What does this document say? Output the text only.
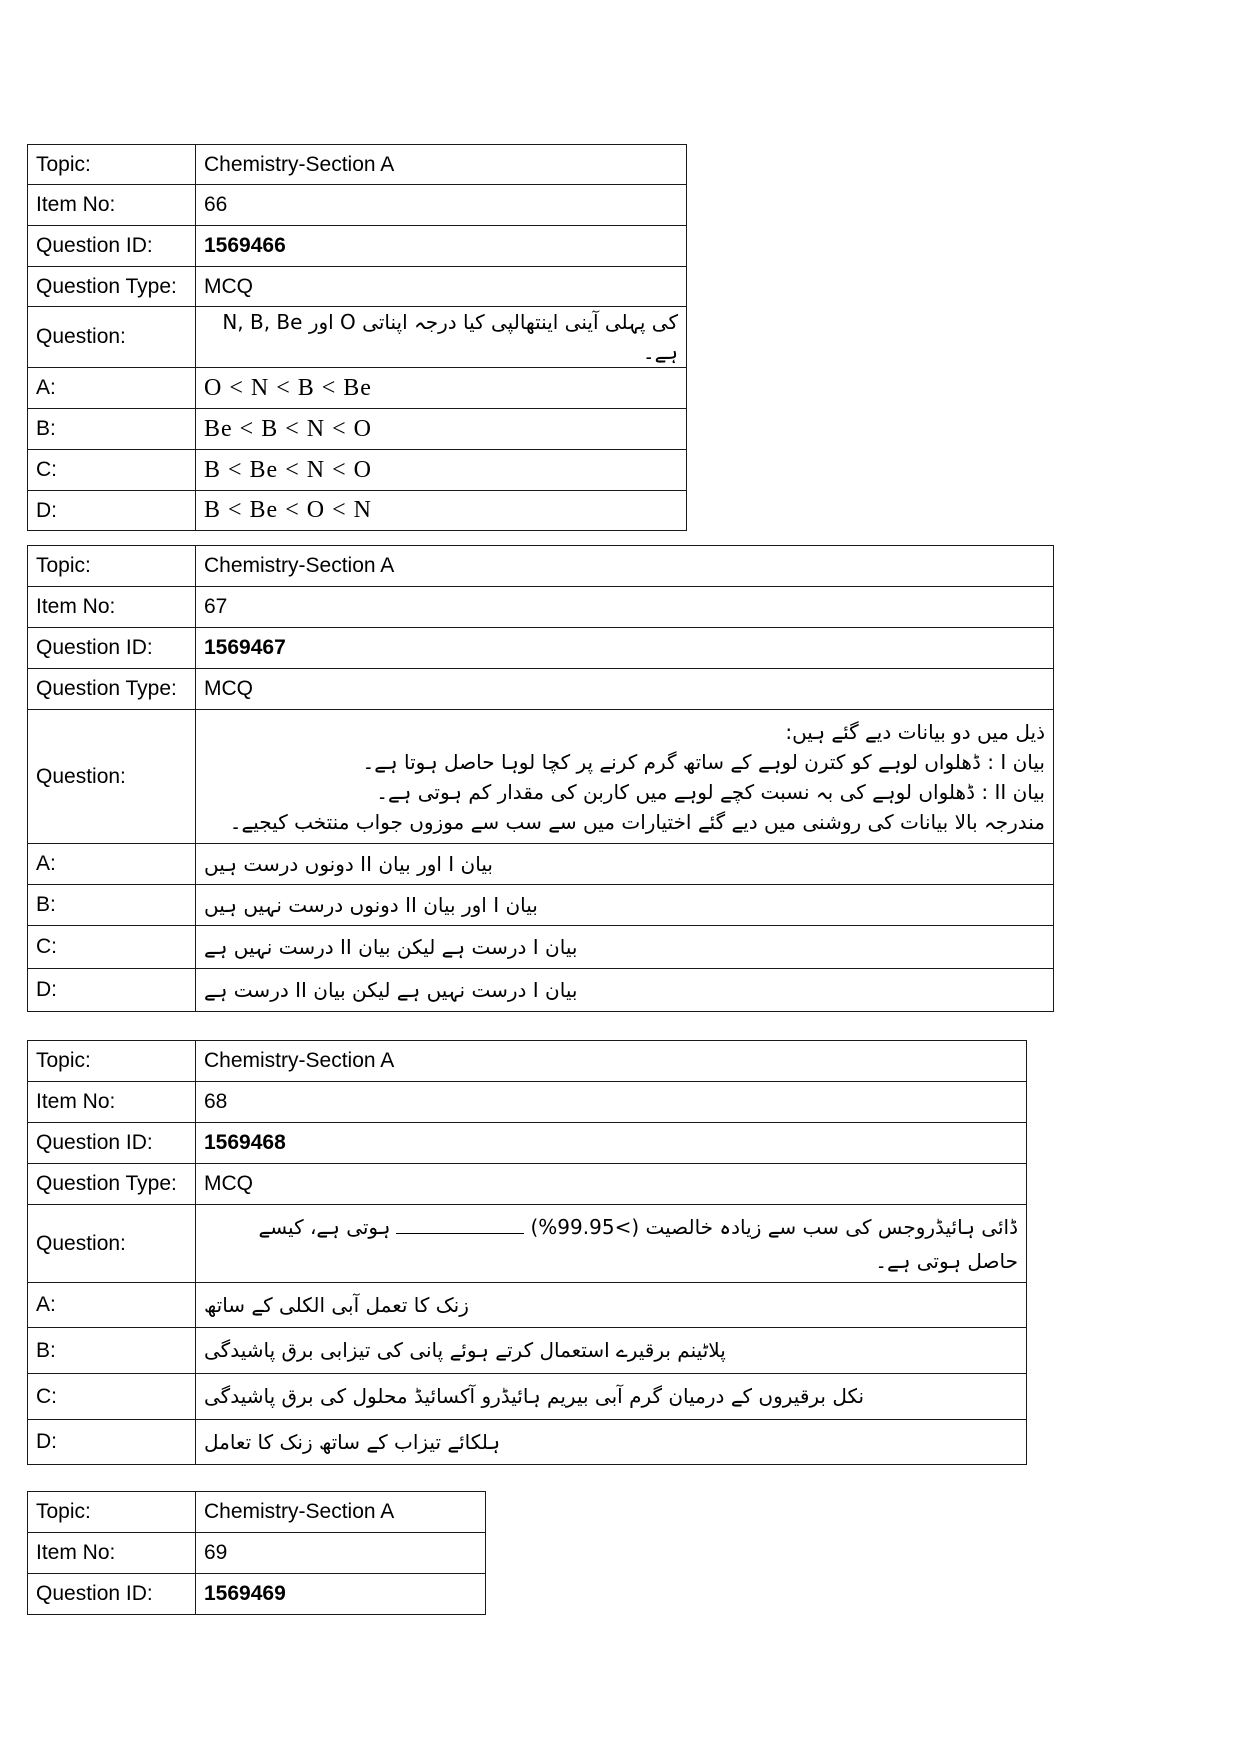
Topic:	Chemistry-Section A
Item No:	66
Question ID:	1569466
Question Type:	MCQ
Question:	N, B, Be اور O کی پہلی آینی اینتھالپی کیا درجہ اپناتی ہے۔
A:	O < N < B < Be
B:	Be < B < N < O
C:	B < Be < N < O
D:	B < Be < O < N
Topic:	Chemistry-Section A
Item No:	67
Question ID:	1569467
Question Type:	MCQ
Question:	ذیل میں دو بیانات دیے گئے ہیں:
بیان I : ڈھلواں لوہے کو کترن لوہے کے ساتھ گرم کرنے پر کچا لوہا حاصل ہوتا ہے۔
بیان II : ڈھلواں لوہے کی بہ نسبت کچے لوہے میں کاربن کی مقدار کم ہوتی ہے۔
مندرجہ بالا بیانات کی روشنی میں دیے گئے اختیارات میں سے سب سے موزوں جواب منتخب کیجیے۔

A:	بیان I اور بیان II دونوں درست ہیں
B:	بیان I اور بیان II دونوں درست نہیں ہیں
C:	بیان I درست ہے لیکن بیان II درست نہیں ہے
D:	بیان I درست نہیں ہے لیکن بیان II درست ہے
Topic:	Chemistry-Section A
Item No:	68
Question ID:	1569468
Question Type:	MCQ
Question:	ڈائی ہائیڈروجس کی سب سے زیادہ خالصیت (>99.95%)ہوتی ہے، کیسے حاصل ہوتی ہے۔
A:	زنک کا تعمل آبی الکلی کے ساتھ
B:	پلاٹینم برقیرے استعمال کرتے ہوئے پانی کی تیزابی برق پاشیدگی
C:	نکل برقیروں کے درمیان گرم آبی بیریم ہائیڈرو آکسائیڈ محلول کی برق پاشیدگی
D:	ہلکائے تیزاب کے ساتھ زنک کا تعامل
Topic:	Chemistry-Section A
Item No:	69
Question ID:	1569469
